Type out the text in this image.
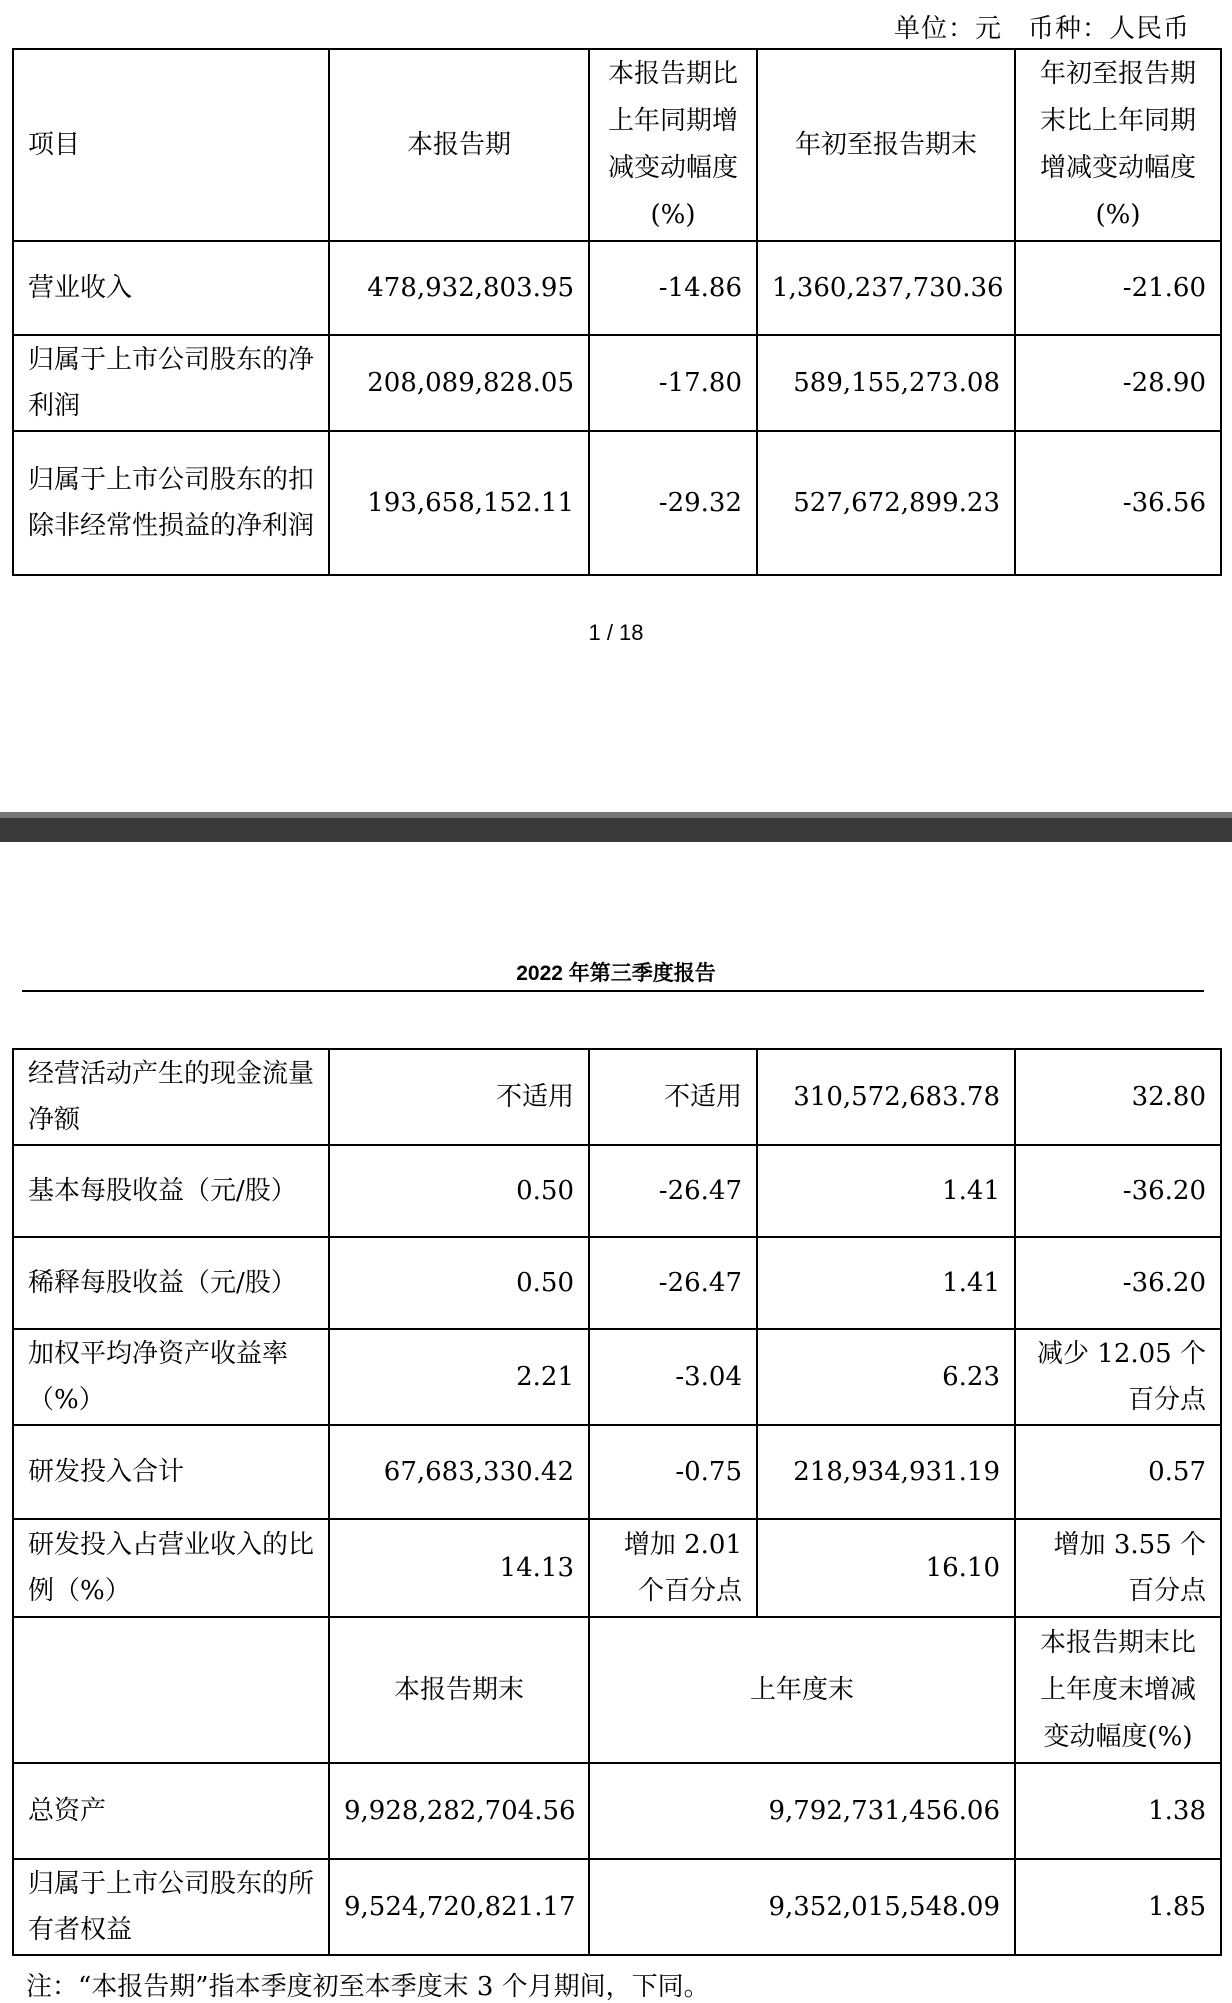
单位：元 币种：人民币
项目	本报告期	本报告期比上年同期增减变动幅度(%)	年初至报告期末	年初至报告期末比上年同期增减变动幅度(%)
营业收入	478,932,803.95	-14.86	1,360,237,730.36	-21.60
归属于上市公司股东的净利润	208,089,828.05	-17.80	589,155,273.08	-28.90
归属于上市公司股东的扣除非经常性损益的净利润	193,658,152.11	-29.32	527,672,899.23	-36.56
1 / 18
2022 年第三季度报告
经营活动产生的现金流量净额	不适用	不适用	310,572,683.78	32.80
基本每股收益（元/股）	0.50	-26.47	1.41	-36.20
稀释每股收益（元/股）	0.50	-26.47	1.41	-36.20
加权平均净资产收益率（%）	2.21	-3.04	6.23	减少 12.05 个百分点
研发投入合计	67,683,330.42	-0.75	218,934,931.19	0.57
研发投入占营业收入的比例（%）	14.13	增加 2.01 个百分点	16.10	增加 3.55 个百分点
	本报告期末	上年度末		本报告期末比上年度末增减变动幅度(%)
总资产	9,928,282,704.56	9,792,731,456.06		1.38
归属于上市公司股东的所有者权益	9,524,720,821.17	9,352,015,548.09		1.85
注：“本报告期”指本季度初至本季度末 3 个月期间，下同。
